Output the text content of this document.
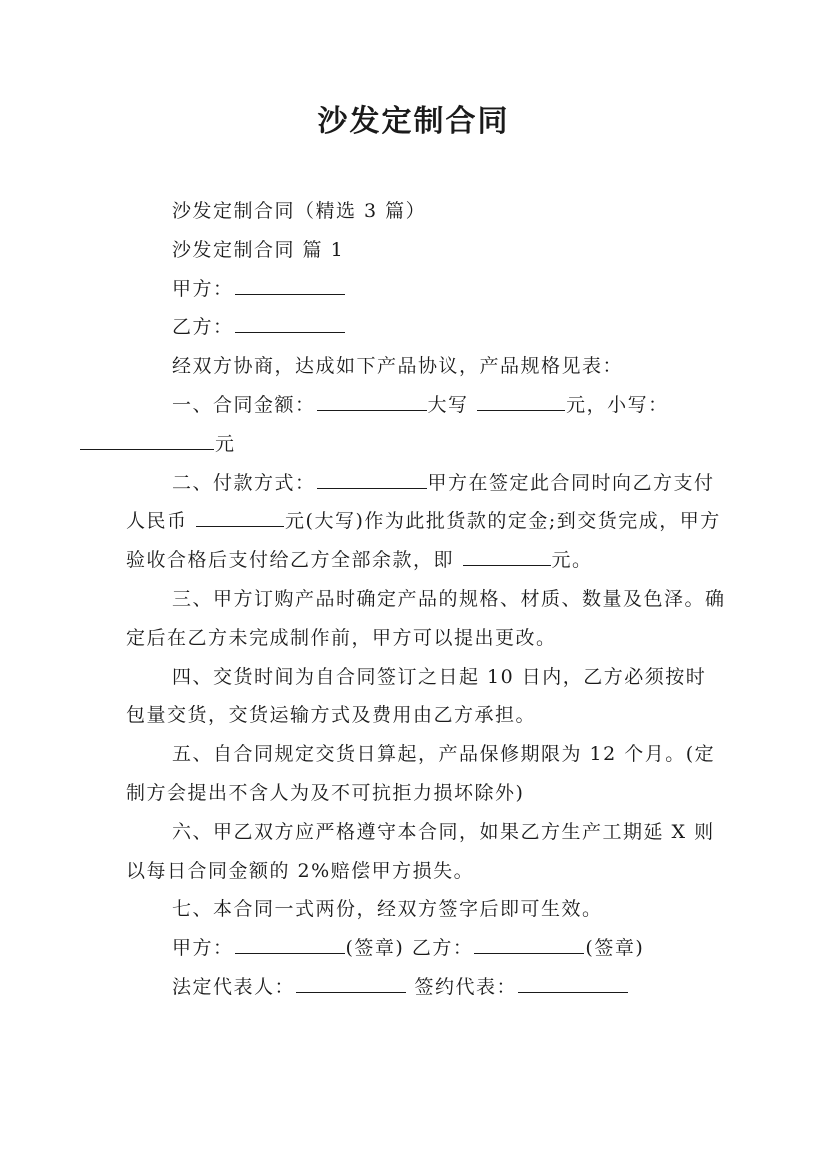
沙发定制合同

沙发定制合同（精选 3 篇）

沙发定制合同 篇 1

甲方：

乙方：

经双方协商，达成如下产品协议，产品规格见表：

一、合同金额：	大写	元，小写：
元

二、付款方式：	甲方在签定此合同时向乙方支付人民币	元(大写)作为此批货款的定金;到交货完成，甲方验收合格后支付给乙方全部余款，即	元。

三、甲方订购产品时确定产品的规格、材质、数量及色泽。确定后在乙方未完成制作前，甲方可以提出更改。

四、交货时间为自合同签订之日起 10 日内，乙方必须按时包量交货，交货运输方式及费用由乙方承担。

五、自合同规定交货日算起，产品保修期限为 12 个月。(定制方会提出不含人为及不可抗拒力损坏除外)

六、甲乙双方应严格遵守本合同，如果乙方生产工期延 X 则以每日合同金额的 2%赔偿甲方损失。

七、本合同一式两份，经双方签字后即可生效。

甲方：	(签章) 乙方：	(签章)

法定代表人：	签约代表：
